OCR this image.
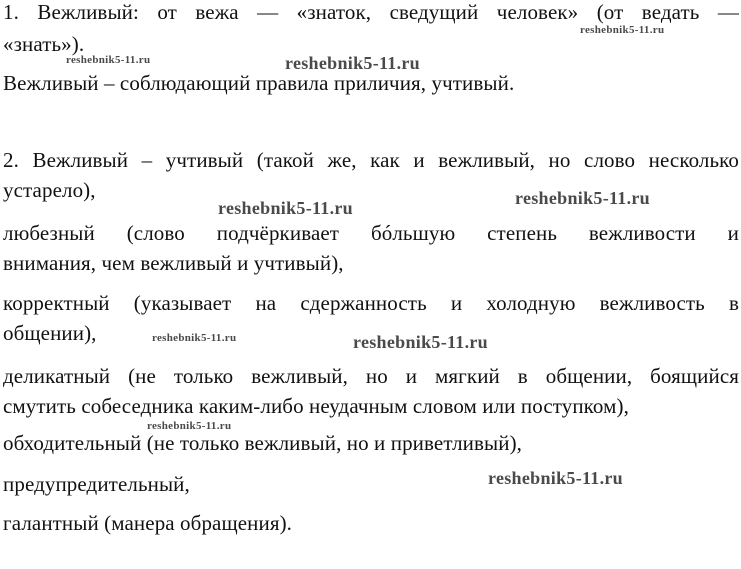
1. Вежливый: от вежа — «знаток, сведущий человек» (от ведать —
«знать»).
Вежливый – соблюдающий правила приличия, учтивый.
2. Вежливый – учтивый (такой же, как и вежливый, но слово несколько
устарело),
любезный (слово подчёркивает бóльшую степень вежливости и
внимания, чем вежливый и учтивый),
корректный (указывает на сдержанность и холодную вежливость в
общении),
деликатный (не только вежливый, но и мягкий в общении, боящийся
смутить собеседника каким-либо неудачным словом или поступком),
обходительный (не только вежливый, но и приветливый),
предупредительный,
галантный (манера обращения).
reshebnik5-11.ru
reshebnik5-11.ru	reshebnik5-11.ru
reshebnik5-11.ru
reshebnik5-11.ru
reshebnik5-11.ru	reshebnik5-11.ru
reshebnik5-11.ru
reshebnik5-11.ru
